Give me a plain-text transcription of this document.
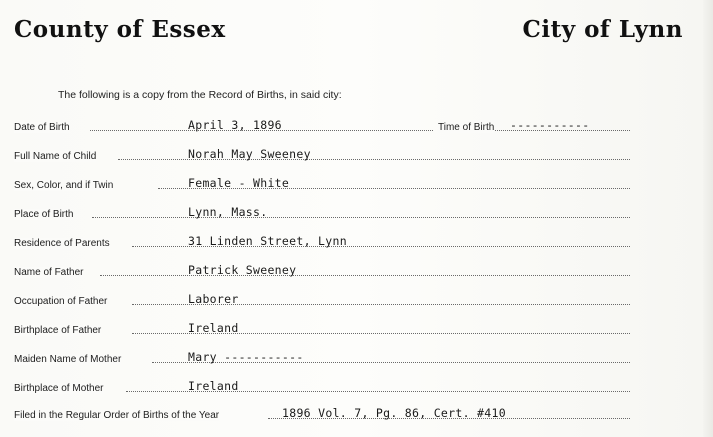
County of Essex	City of Lynn
The following is a copy from the Record of Births, in said city:
Date of Birth	April 3, 1896	Time of Birth -----------
Full Name of Child	Norah May Sweeney
Sex, Color, and if Twin	Female - White
Place of Birth	Lynn, Mass.
Residence of Parents	31 Linden Street, Lynn
Name of Father	Patrick Sweeney
Occupation of Father	Laborer
Birthplace of Father	Ireland
Maiden Name of Mother	Mary -----------
Birthplace of Mother	Ireland
Filed in the Regular Order of Births of the Year	1896 Vol. 7, Pg. 86, Cert. #410
